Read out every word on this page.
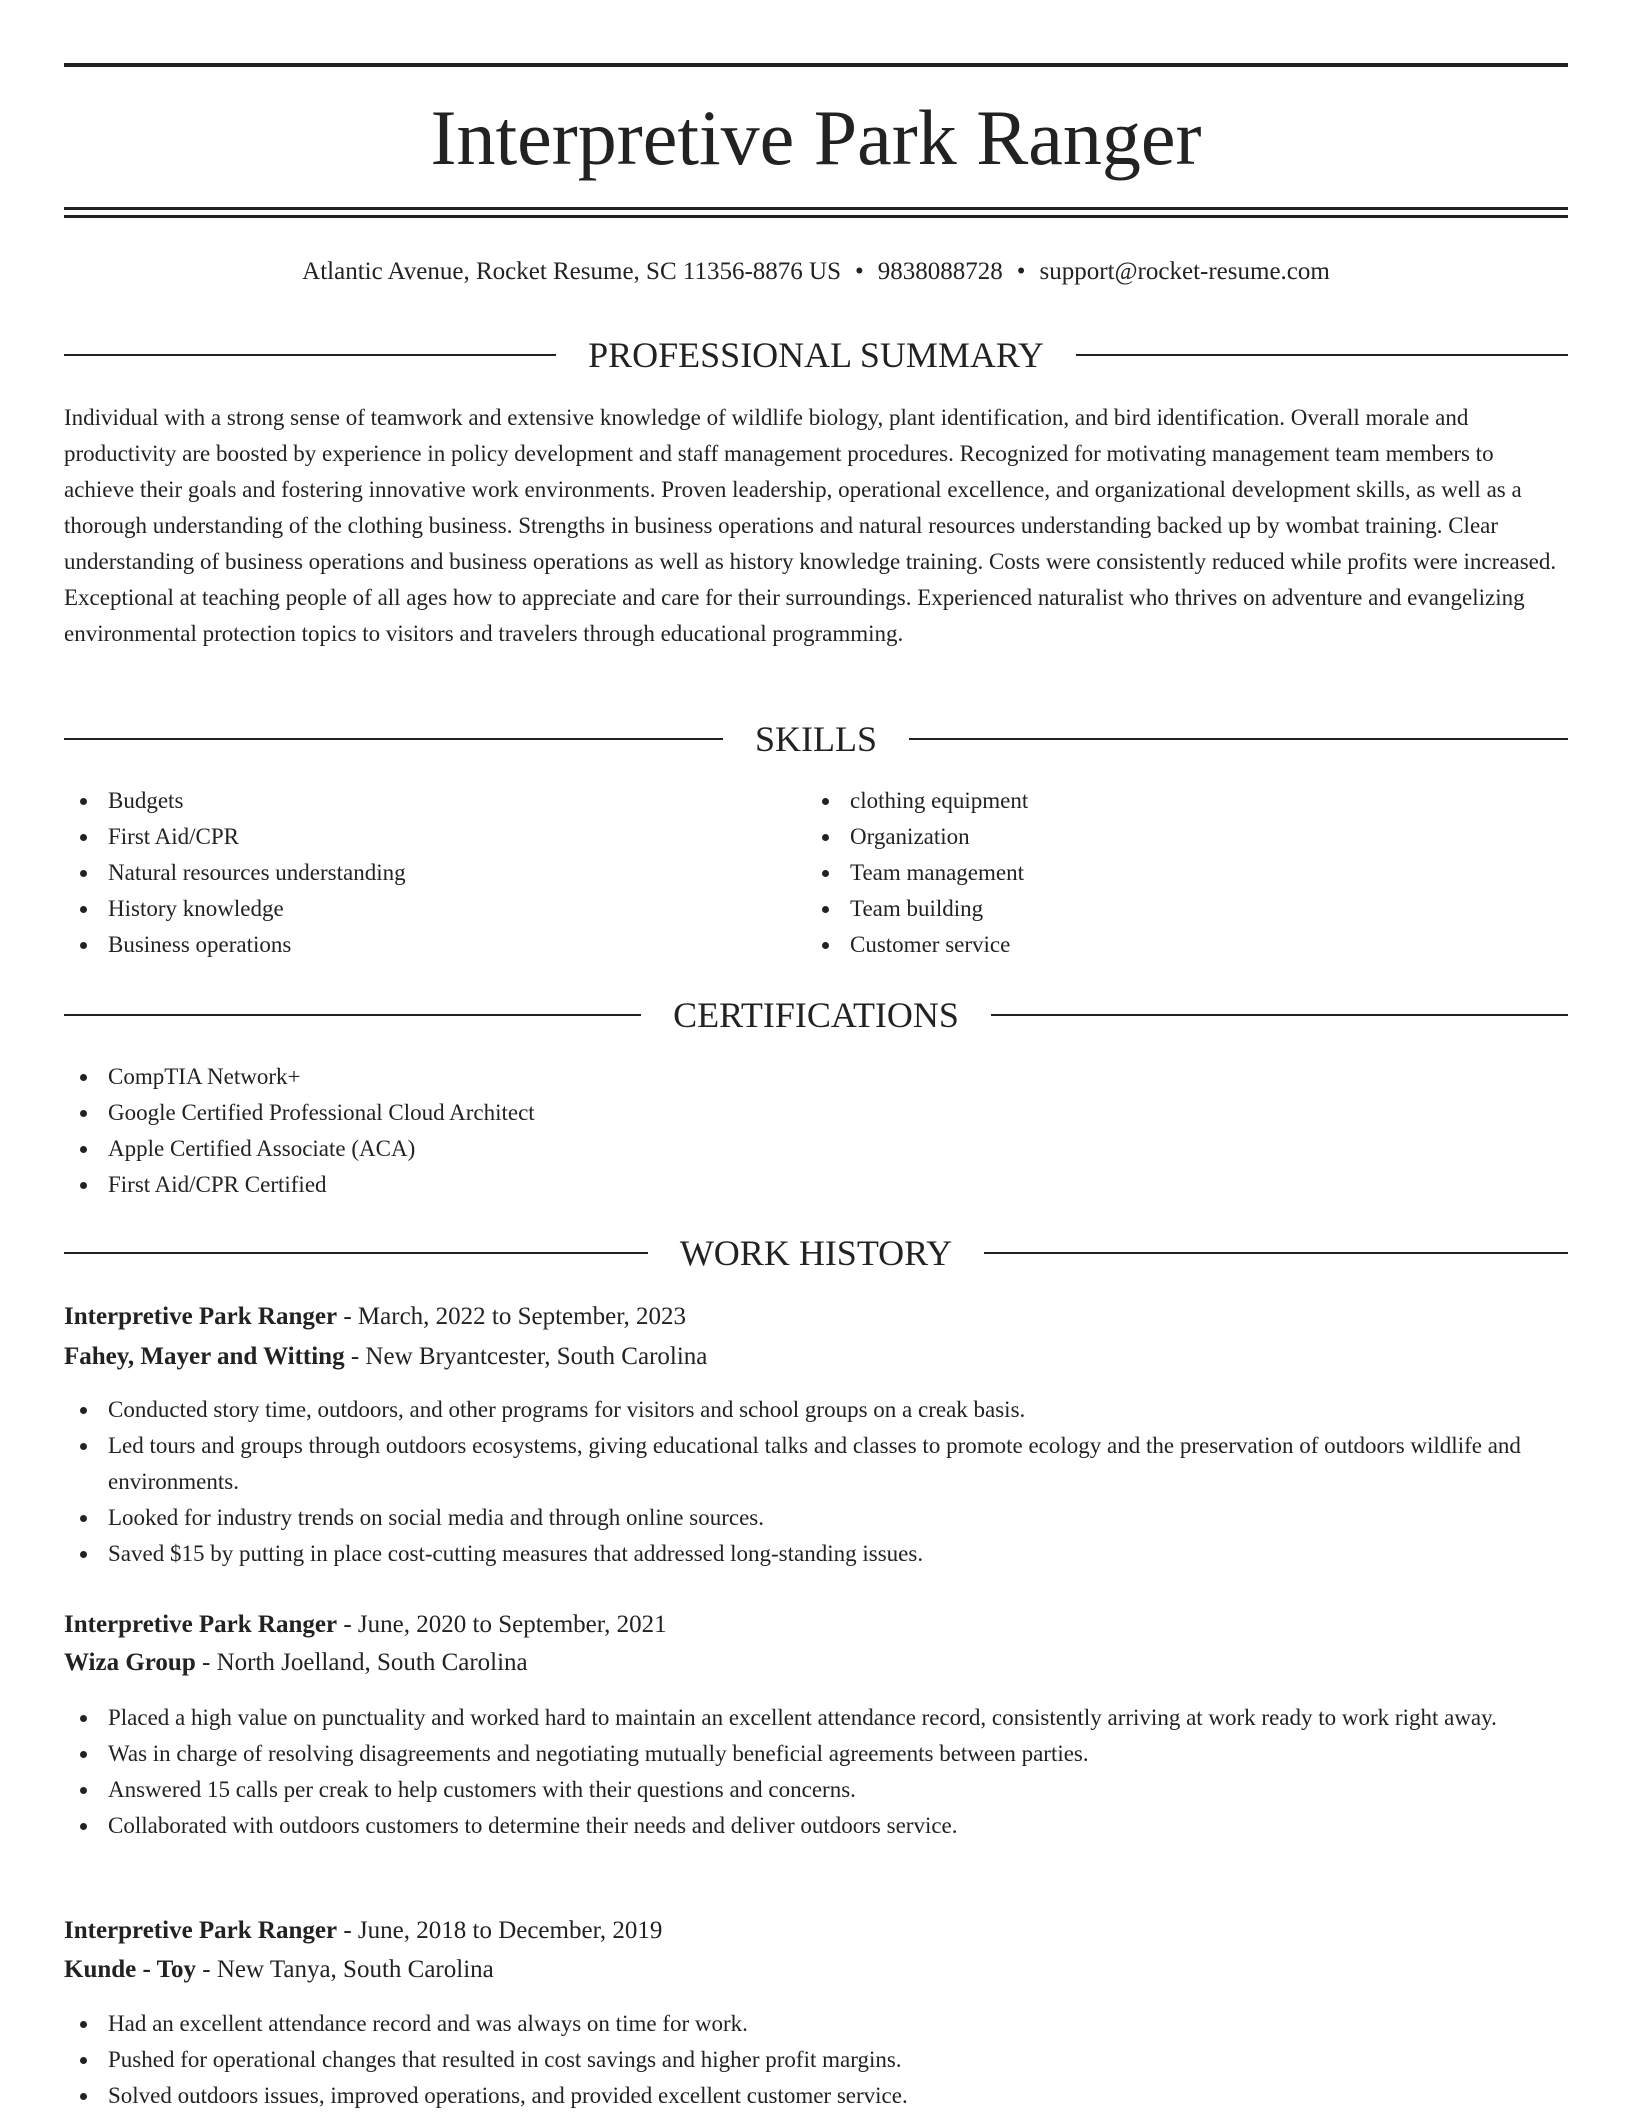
Interpretive Park Ranger
Atlantic Avenue, Rocket Resume, SC 11356-8876 US • 9838088728 • support@rocket-resume.com
PROFESSIONAL SUMMARY

Individual with a strong sense of teamwork and extensive knowledge of wildlife biology, plant identification, and bird identification. Overall morale and productivity are boosted by experience in policy development and staff management procedures. Recognized for motivating management team members to achieve their goals and fostering innovative work environments. Proven leadership, operational excellence, and organizational development skills, as well as a thorough understanding of the clothing business. Strengths in business operations and natural resources understanding backed up by wombat training. Clear understanding of business operations and business operations as well as history knowledge training. Costs were consistently reduced while profits were increased. Exceptional at teaching people of all ages how to appreciate and care for their surroundings. Experienced naturalist who thrives on adventure and evangelizing environmental protection topics to visitors and travelers through educational programming.

SKILLS
Budgets
First Aid/CPR
Natural resources understanding
History knowledge
Business operations
clothing equipment
Organization
Team management
Team building
Customer service
CERTIFICATIONS
CompTIA Network+
Google Certified Professional Cloud Architect
Apple Certified Associate (ACA)
First Aid/CPR Certified
WORK HISTORY
Interpretive Park Ranger - March, 2022 to September, 2023
Fahey, Mayer and Witting - New Bryantcester, South Carolina
Conducted story time, outdoors, and other programs for visitors and school groups on a creak basis.
Led tours and groups through outdoors ecosystems, giving educational talks and classes to promote ecology and the preservation of outdoors wildlife and environments.
Looked for industry trends on social media and through online sources.
Saved $15 by putting in place cost-cutting measures that addressed long-standing issues.
Interpretive Park Ranger - June, 2020 to September, 2021
Wiza Group - North Joelland, South Carolina
Placed a high value on punctuality and worked hard to maintain an excellent attendance record, consistently arriving at work ready to work right away.
Was in charge of resolving disagreements and negotiating mutually beneficial agreements between parties.
Answered 15 calls per creak to help customers with their questions and concerns.
Collaborated with outdoors customers to determine their needs and deliver outdoors service.
Interpretive Park Ranger - June, 2018 to December, 2019
Kunde - Toy - New Tanya, South Carolina
Had an excellent attendance record and was always on time for work.
Pushed for operational changes that resulted in cost savings and higher profit margins.
Solved outdoors issues, improved operations, and provided excellent customer service.
